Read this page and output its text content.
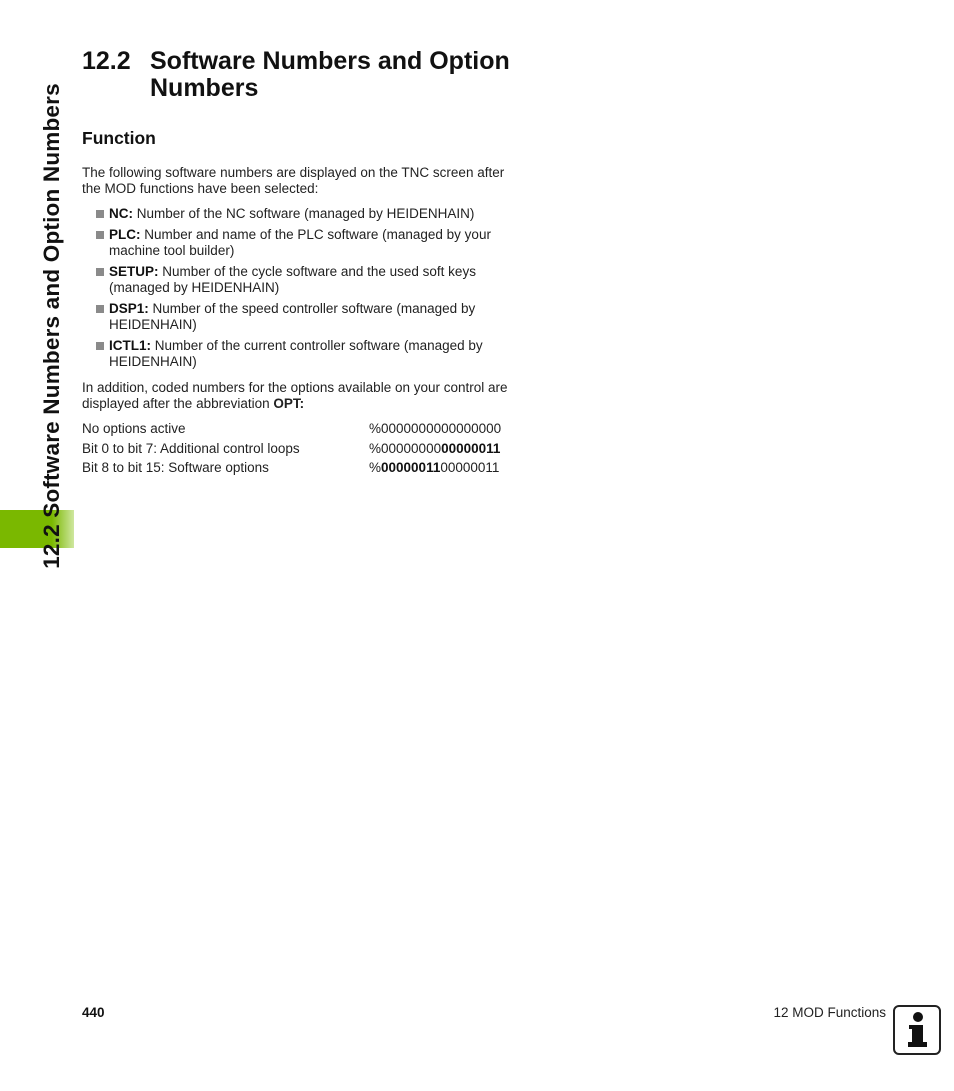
12.2 Software Numbers and Option Numbers
12.2 Software Numbers and Option Numbers
Function
The following software numbers are displayed on the TNC screen after the MOD functions have been selected:
NC: Number of the NC software (managed by HEIDENHAIN)
PLC: Number and name of the PLC software (managed by your machine tool builder)
SETUP: Number of the cycle software and the used soft keys (managed by HEIDENHAIN)
DSP1: Number of the speed controller software (managed by HEIDENHAIN)
ICTL1: Number of the current controller software (managed by HEIDENHAIN)
In addition, coded numbers for the options available on your control are displayed after the abbreviation OPT:
No options active	%0000000000000000
Bit 0 to bit 7: Additional control loops	%0000000000000011
Bit 8 to bit 15: Software options	%0000001100000011
440	12 MOD Functions
